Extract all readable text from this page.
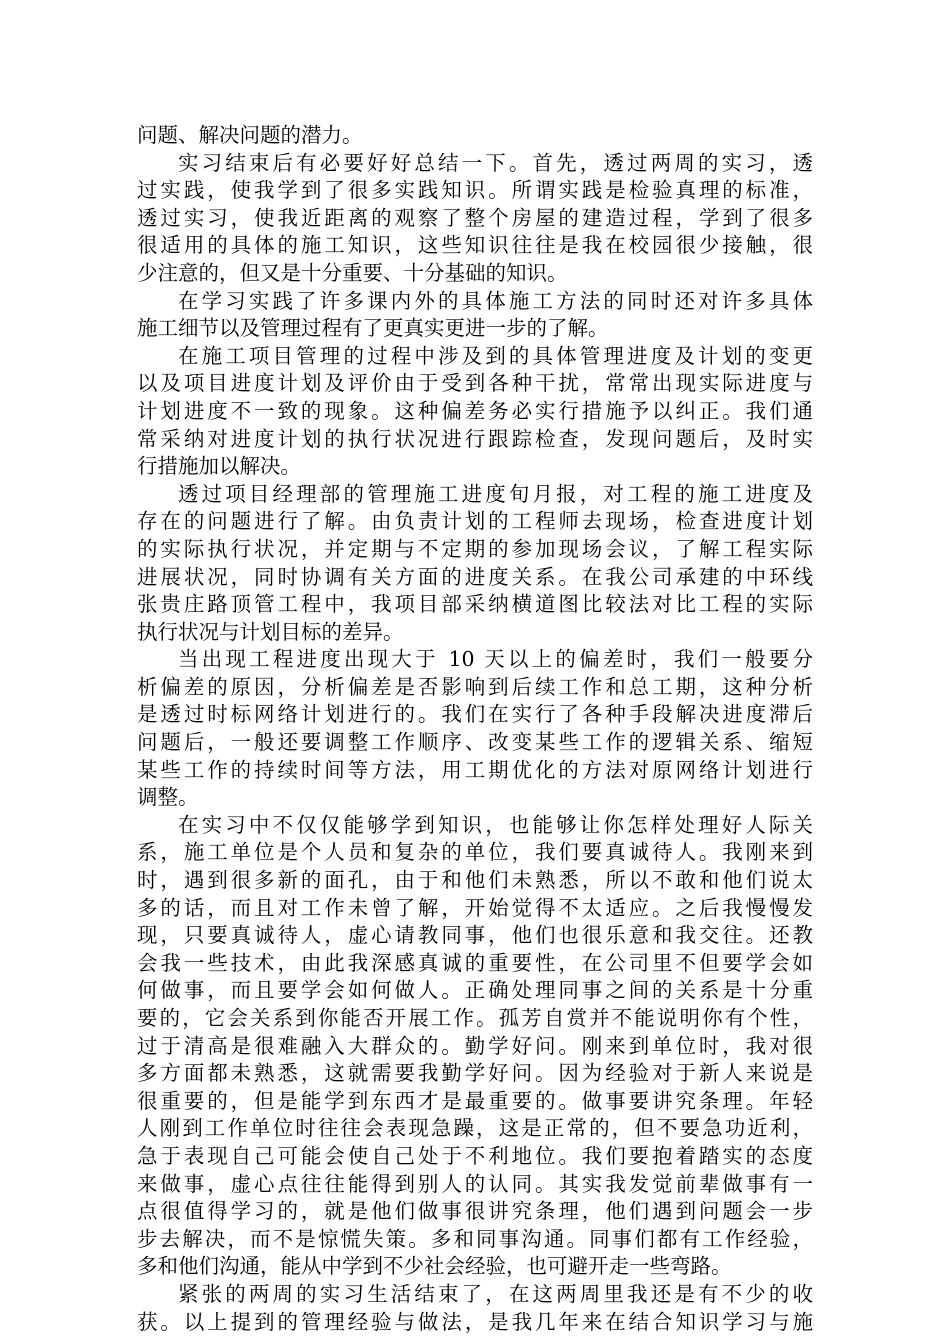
问题、解决问题的潜力。
实习结束后有必要好好总结一下。首先，透过两周的实习，透
过实践，使我学到了很多实践知识。所谓实践是检验真理的标准，
透过实习，使我近距离的观察了整个房屋的建造过程，学到了很多
很适用的具体的施工知识，这些知识往往是我在校园很少接触，很
少注意的，但又是十分重要、十分基础的知识。
在学习实践了许多课内外的具体施工方法的同时还对许多具体
施工细节以及管理过程有了更真实更进一步的了解。
在施工项目管理的过程中涉及到的具体管理进度及计划的变更
以及项目进度计划及评价由于受到各种干扰，常常出现实际进度与
计划进度不一致的现象。这种偏差务必实行措施予以纠正。我们通
常采纳对进度计划的执行状况进行跟踪检查，发现问题后，及时实
行措施加以解决。
透过项目经理部的管理施工进度旬月报，对工程的施工进度及
存在的问题进行了解。由负责计划的工程师去现场，检查进度计划
的实际执行状况，并定期与不定期的参加现场会议，了解工程实际
进展状况，同时协调有关方面的进度关系。在我公司承建的中环线
张贵庄路顶管工程中，我项目部采纳横道图比较法对比工程的实际
执行状况与计划目标的差异。
当出现工程进度出现大于 10 天以上的偏差时，我们一般要分
析偏差的原因，分析偏差是否影响到后续工作和总工期，这种分析
是透过时标网络计划进行的。我们在实行了各种手段解决进度滞后
问题后，一般还要调整工作顺序、改变某些工作的逻辑关系、缩短
某些工作的持续时间等方法，用工期优化的方法对原网络计划进行
调整。
在实习中不仅仅能够学到知识，也能够让你怎样处理好人际关
系，施工单位是个人员和复杂的单位，我们要真诚待人。我刚来到
时，遇到很多新的面孔，由于和他们未熟悉，所以不敢和他们说太
多的话，而且对工作未曾了解，开始觉得不太适应。之后我慢慢发
现，只要真诚待人，虚心请教同事，他们也很乐意和我交往。还教
会我一些技术，由此我深感真诚的重要性，在公司里不但要学会如
何做事，而且要学会如何做人。正确处理同事之间的关系是十分重
要的，它会关系到你能否开展工作。孤芳自赏并不能说明你有个性，
过于清高是很难融入大群众的。勤学好问。刚来到单位时，我对很
多方面都未熟悉，这就需要我勤学好问。因为经验对于新人来说是
很重要的，但是能学到东西才是最重要的。做事要讲究条理。年轻
人刚到工作单位时往往会表现急躁，这是正常的，但不要急功近利，
急于表现自己可能会使自己处于不利地位。我们要抱着踏实的态度
来做事，虚心点往往能得到别人的认同。其实我发觉前辈做事有一
点很值得学习的，就是他们做事很讲究条理，他们遇到问题会一步
步去解决，而不是惊慌失策。多和同事沟通。同事们都有工作经验，
多和他们沟通，能从中学到不少社会经验，也可避开走一些弯路。
紧张的两周的实习生活结束了，在这两周里我还是有不少的收
获。以上提到的管理经验与做法，是我几年来在结合知识学习与施
